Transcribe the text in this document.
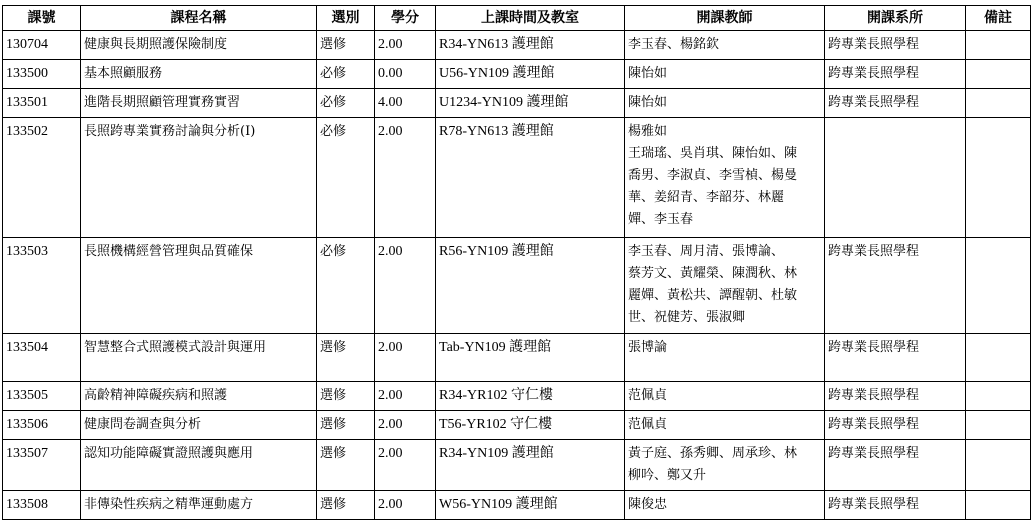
課號	課程名稱	選別	學分	上課時間及教室	開課教師	開課系所	備註
130704	健康與長期照護保險制度	選修	2.00	R34-YN613 護理館	李玉春、楊銘欽	跨專業長照學程	
133500	基本照顧服務	必修	0.00	U56-YN109 護理館	陳怡如	跨專業長照學程	
133501	進階長期照顧管理實務實習	必修	4.00	U1234-YN109 護理館	陳怡如	跨專業長照學程	
133502	長照跨專業實務討論與分析(I)	必修	2.00	R78-YN613 護理館	楊雅如
王瑞瑤、吳肖琪、陳怡如、陳
喬男、李淑貞、李雪楨、楊曼
華、姜紹青、李韶芬、林麗
嬋、李玉春		

133503	長照機構經營管理與品質確保	必修	2.00	R56-YN109 護理館	李玉春、周月清、張博論、
蔡芳文、黃耀榮、陳潤秋、林
麗嬋、黃松共、譚醒朝、杜敏
世、祝健芳、張淑卿	跨專業長照學程	
133504	智慧整合式照護模式設計與運用	選修	2.00	Tab-YN109 護理館	張博論	跨專業長照學程	
133505	高齡精神障礙疾病和照護	選修	2.00	R34-YR102 守仁樓	范佩貞	跨專業長照學程	
133506	健康問卷調查與分析	選修	2.00	T56-YR102 守仁樓	范佩貞	跨專業長照學程	
133507	認知功能障礙實證照護與應用	選修	2.00	R34-YN109 護理館	黃子庭、孫秀卿、周承珍、林
柳吟、鄭又升	跨專業長照學程	
133508	非傳染性疾病之精準運動處方	選修	2.00	W56-YN109 護理館	陳俊忠	跨專業長照學程	
